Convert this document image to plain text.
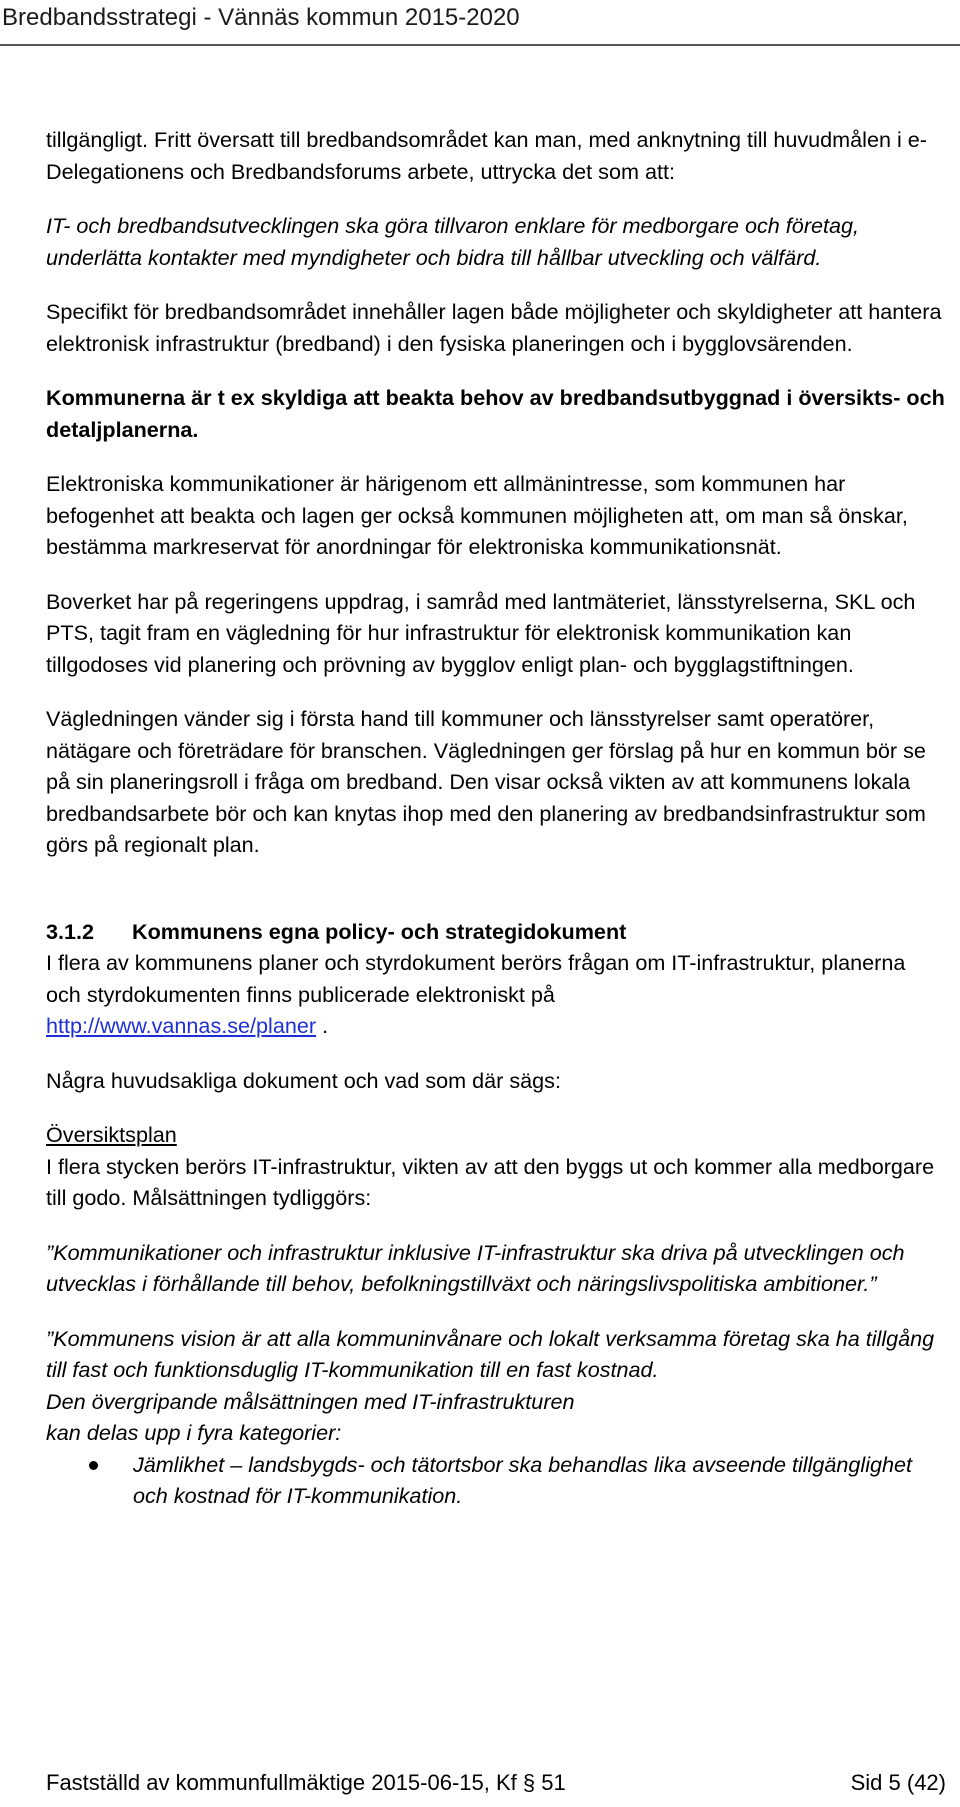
Bredbandsstrategi - Vännäs kommun 2015-2020

tillgängligt. Fritt översatt till bredbandsområdet kan man, med anknytning till huvudmålen i e-Delegationens och Bredbandsforums arbete, uttrycka det som att:

IT- och bredbandsutvecklingen ska göra tillvaron enklare för medborgare och företag, underlätta kontakter med myndigheter och bidra till hållbar utveckling och välfärd.

Specifikt för bredbandsområdet innehåller lagen både möjligheter och skyldigheter att hantera elektronisk infrastruktur (bredband) i den fysiska planeringen och i bygglovsärenden.

Kommunerna är t ex skyldiga att beakta behov av bredbandsutbyggnad i översikts- och detaljplanerna.

Elektroniska kommunikationer är härigenom ett allmänintresse, som kommunen har befogenhet att beakta och lagen ger också kommunen möjligheten att, om man så önskar, bestämma markreservat för anordningar för elektroniska kommunikationsnät.

Boverket har på regeringens uppdrag, i samråd med lantmäteriet, länsstyrelserna, SKL och PTS, tagit fram en vägledning för hur infrastruktur för elektronisk kommunikation kan tillgodoses vid planering och prövning av bygglov enligt plan- och bygglagstiftningen.

Vägledningen vänder sig i första hand till kommuner och länsstyrelser samt operatörer, nätägare och företrädare för branschen. Vägledningen ger förslag på hur en kommun bör se på sin planeringsroll i fråga om bredband. Den visar också vikten av att kommunens lokala bredbandsarbete bör och kan knytas ihop med den planering av bredbandsinfrastruktur som görs på regionalt plan.

3.1.2 Kommunens egna policy- och strategidokument

I flera av kommunens planer och styrdokument berörs frågan om IT-infrastruktur, planerna och styrdokumenten finns publicerade elektroniskt på
http://www.vannas.se/planer .

Några huvudsakliga dokument och vad som där sägs:

Översiktsplan

I flera stycken berörs IT-infrastruktur, vikten av att den byggs ut och kommer alla medborgare till godo. Målsättningen tydliggörs:

”Kommunikationer och infrastruktur inklusive IT-infrastruktur ska driva på utvecklingen och utvecklas i förhållande till behov, befolkningstillväxt och näringslivspolitiska ambitioner.”

”Kommunens vision är att alla kommuninvånare och lokalt verksamma företag ska ha tillgång till fast och funktionsduglig IT-kommunikation till en fast kostnad.
Den övergripande målsättningen med IT-infrastrukturen
kan delas upp i fyra kategorier:

Jämlikhet – landsbygds- och tätortsbor ska behandlas lika avseende tillgänglighet och kostnad för IT-kommunikation.

Fastställd av kommunfullmäktige 2015-06-15, Kf § 51	Sid 5 (42)
